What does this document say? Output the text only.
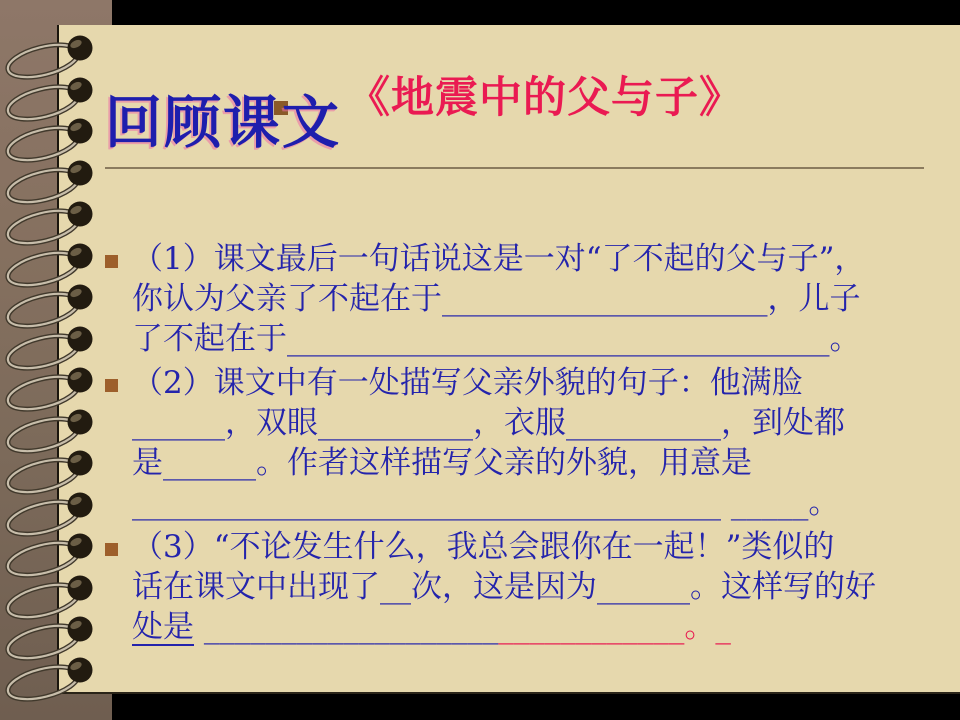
回顾课文 《地震中的父与子》
（1）课文最后一句话说这是一对“了不起的父与子”，
你认为父亲了不起在于_____________________，儿子
了不起在于___________________________________。
（2）课文中有一处描写父亲外貌的句子：他满脸
______，双眼__________，衣服__________，到处都
是______。作者这样描写父亲的外貌，用意是
______________________________________ _____。
（3）“不论发生什么，我总会跟你在一起！”类似的
话在课文中出现了__次，这是因为______。这样写的好
处是 _______________________________。_
